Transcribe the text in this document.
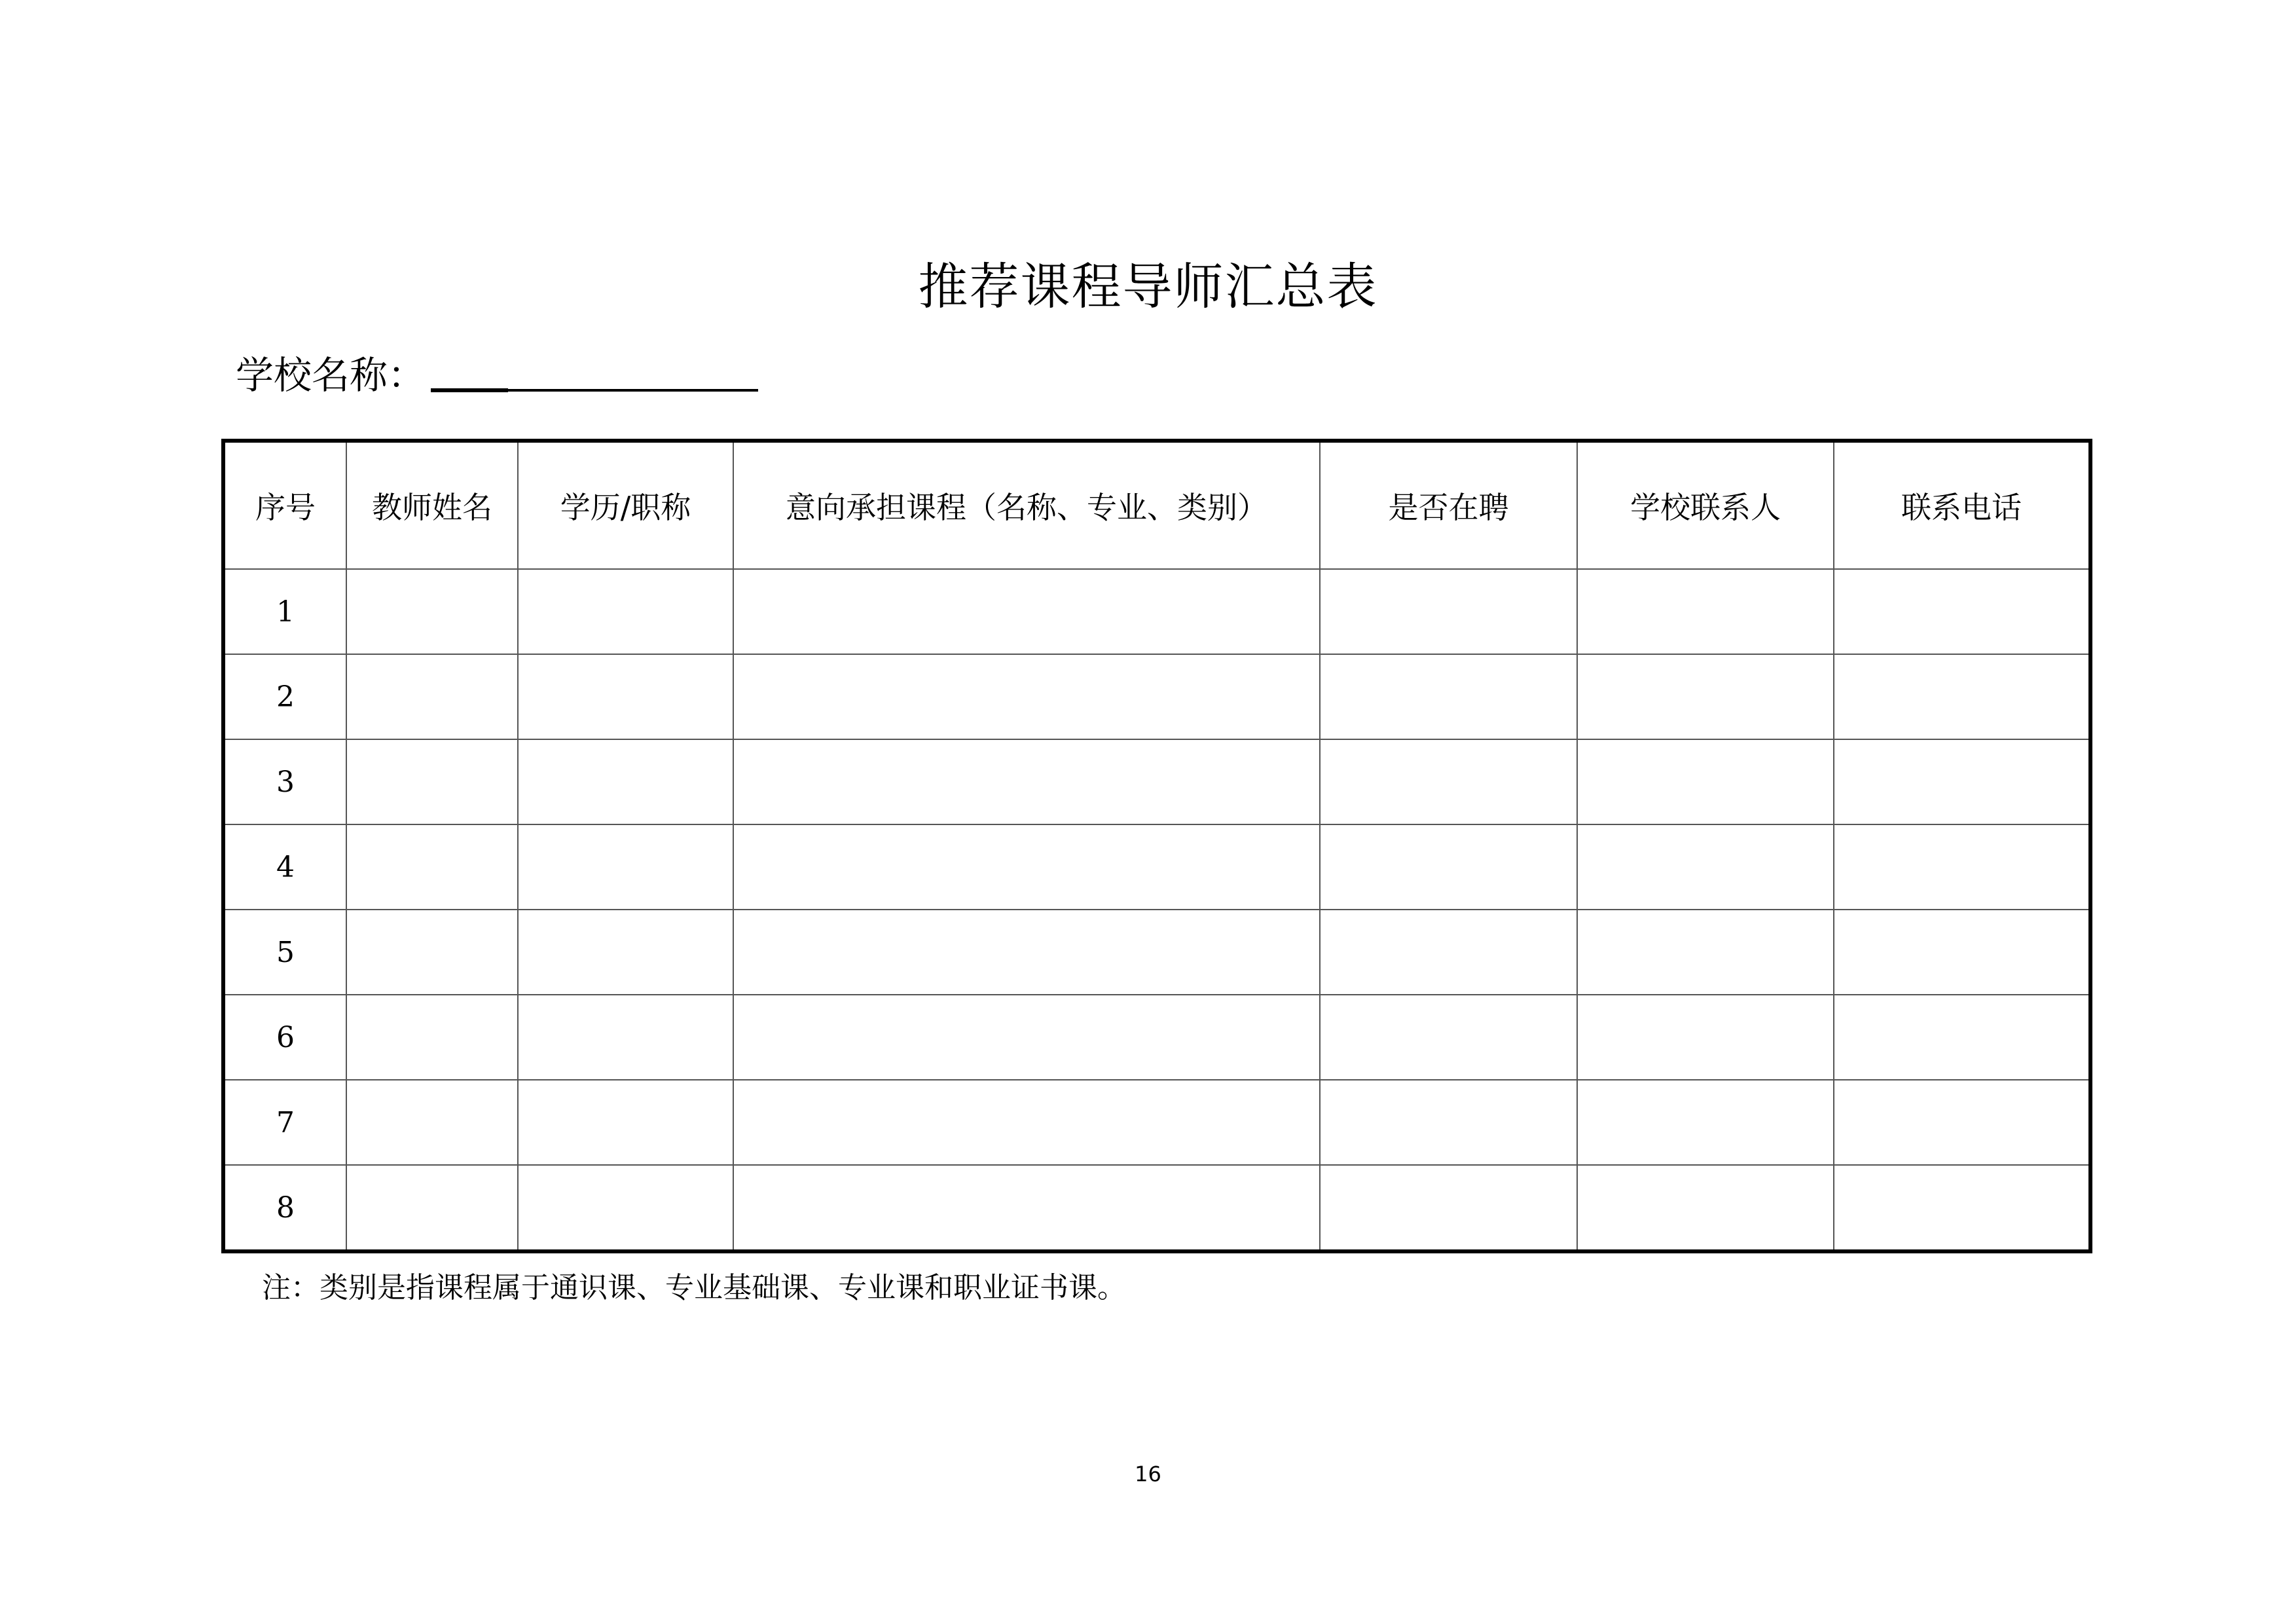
推荐课程导师汇总表
学校名称：
序号	教师姓名	学历/职称	意向承担课程（名称、专业、类别）	是否在聘	学校联系人	联系电话
1						
2						
3						
4						
5						
6						
7						
8						
注：类别是指课程属于通识课、专业基础课、专业课和职业证书课。
16
